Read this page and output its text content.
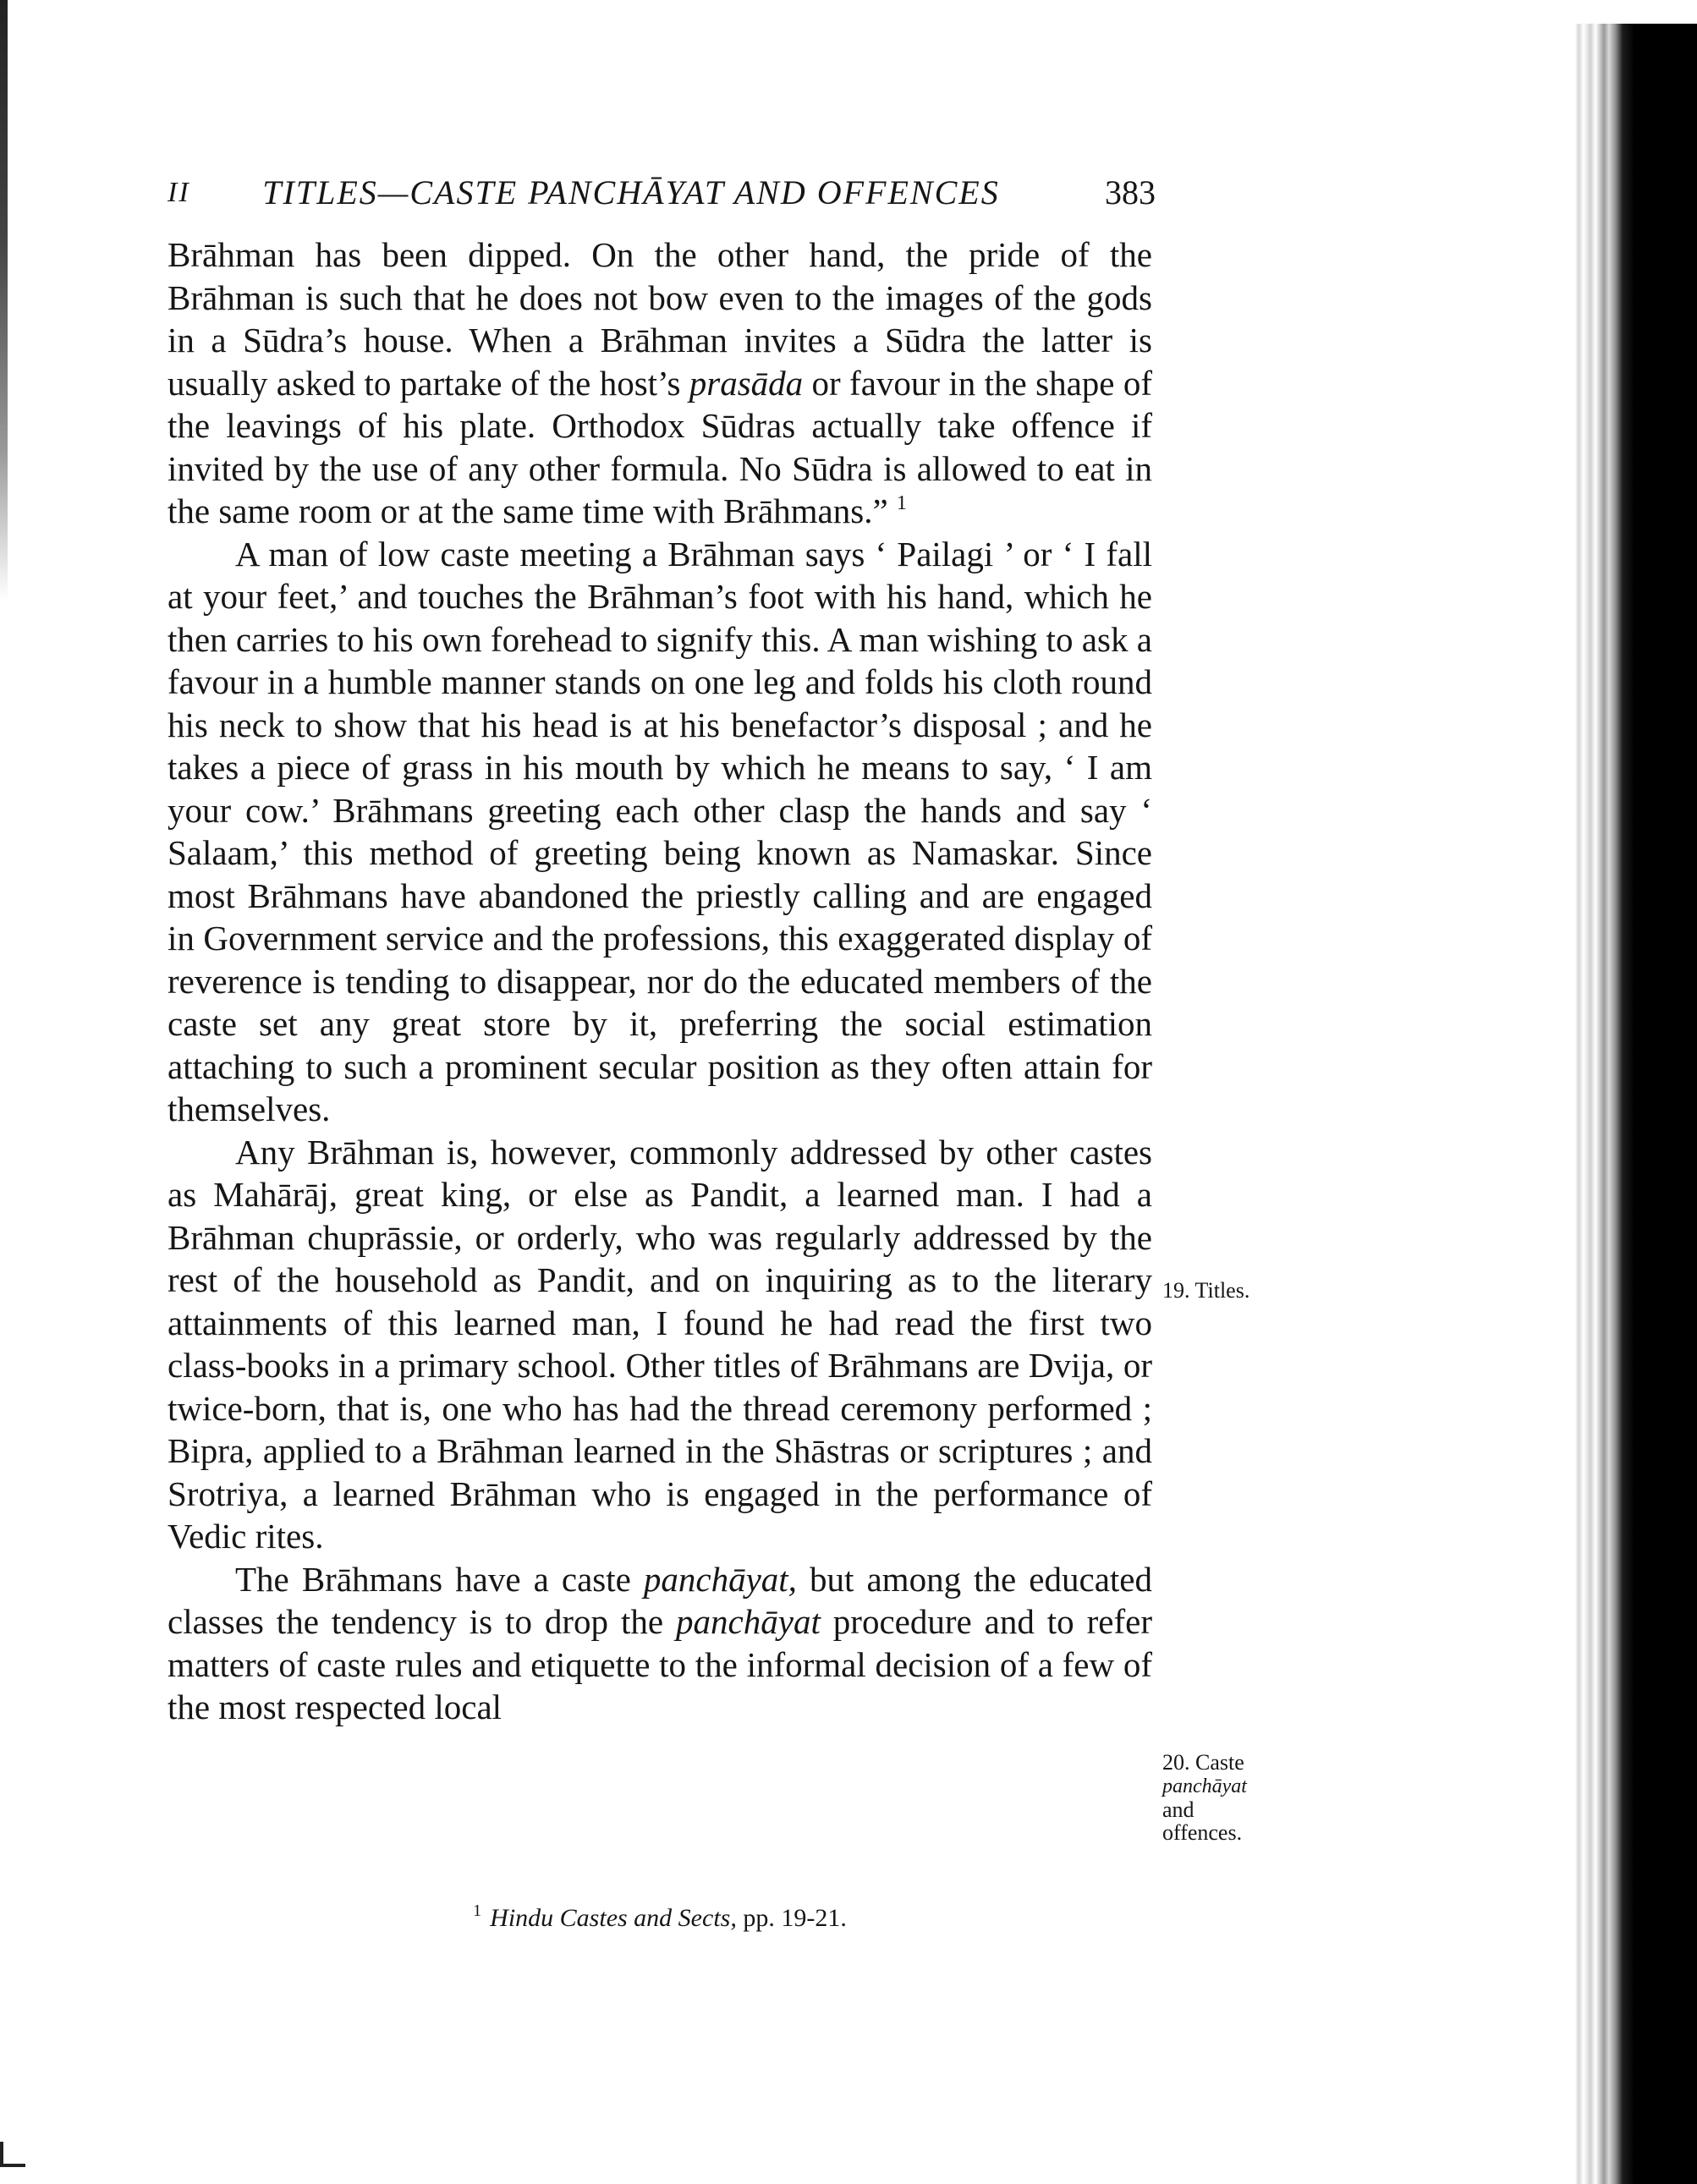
II	TITLES—CASTE PANCHĀYAT AND OFFENCES	383

Brāhman has been dipped. On the other hand, the pride of the Brāhman is such that he does not bow even to the images of the gods in a Sūdra’s house. When a Brāhman invites a Sūdra the latter is usually asked to partake of the host’s prasāda or favour in the shape of the leavings of his plate. Orthodox Sūdras actually take offence if invited by the use of any other formula. No Sūdra is allowed to eat in the same room or at the same time with Brāhmans.” $^1$

A man of low caste meeting a Brāhman says ‘ Pailagi ’ or ‘ I fall at your feet,’ and touches the Brāhman’s foot with his hand, which he then carries to his own forehead to signify this. A man wishing to ask a favour in a humble manner stands on one leg and folds his cloth round his neck to show that his head is at his benefactor’s disposal ; and he takes a piece of grass in his mouth by which he means to say, ‘ I am your cow.’ Brāhmans greeting each other clasp the hands and say ‘ Salaam,’ this method of greeting being known as Namaskar. Since most Brāhmans have abandoned the priestly calling and are engaged in Government service and the professions, this exaggerated display of reverence is tending to disappear, nor do the educated members of the caste set any great store by it, preferring the social estimation attaching to such a prominent secular position as they often attain for themselves.

Any Brāhman is, however, commonly addressed by other castes as Mahārāj, great king, or else as Pandit, a learned man. I had a Brāhman chuprāssie, or orderly, who was regularly addressed by the rest of the household as Pandit, and on inquiring as to the literary attainments of this learned man, I found he had read the first two class-books in a primary school. Other titles of Brāhmans are Dvija, or twice-born, that is, one who has had the thread ceremony performed ; Bipra, applied to a Brāhman learned in the Shāstras or scriptures ; and Srotriya, a learned Brāhman who is engaged in the performance of Vedic rites.

The Brāhmans have a caste panchāyat, but among the educated classes the tendency is to drop the panchāyat procedure and to refer matters of caste rules and etiquette to the informal decision of a few of the most respected local

19. Titles.
20. Caste
panchāyat
and
offences.
$^1$ Hindu Castes and Sects, pp. 19-21.
